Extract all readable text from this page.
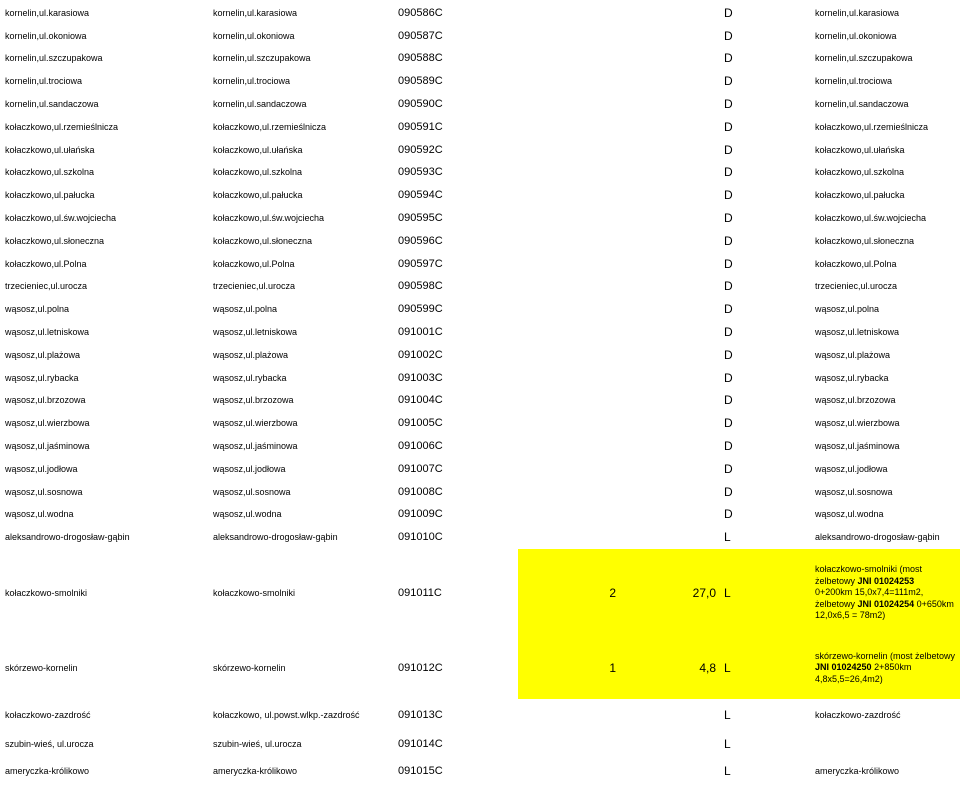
kornelin,ul.karasiowa	kornelin,ul.karasiowa	090586C			D	kornelin,ul.karasiowa
kornelin,ul.okoniowa	kornelin,ul.okoniowa	090587C			D	kornelin,ul.okoniowa
kornelin,ul.szczupakowa	kornelin,ul.szczupakowa	090588C			D	kornelin,ul.szczupakowa
kornelin,ul.trociowa	kornelin,ul.trociowa	090589C			D	kornelin,ul.trociowa
kornelin,ul.sandaczowa	kornelin,ul.sandaczowa	090590C			D	kornelin,ul.sandaczowa
kołaczkowo,ul.rzemieślnicza	kołaczkowo,ul.rzemieślnicza	090591C			D	kołaczkowo,ul.rzemieślnicza
kołaczkowo,ul.ułańska	kołaczkowo,ul.ułańska	090592C			D	kołaczkowo,ul.ułańska
kołaczkowo,ul.szkolna	kołaczkowo,ul.szkolna	090593C			D	kołaczkowo,ul.szkolna
kołaczkowo,ul.pałucka	kołaczkowo,ul.pałucka	090594C			D	kołaczkowo,ul.pałucka
kołaczkowo,ul.św.wojciecha	kołaczkowo,ul.św.wojciecha	090595C			D	kołaczkowo,ul.św.wojciecha
kołaczkowo,ul.słoneczna	kołaczkowo,ul.słoneczna	090596C			D	kołaczkowo,ul.słoneczna
kołaczkowo,ul.Polna	kołaczkowo,ul.Polna	090597C			D	kołaczkowo,ul.Polna
trzecieniec,ul.urocza	trzecieniec,ul.urocza	090598C			D	trzecieniec,ul.urocza
wąsosz,ul.polna	wąsosz,ul.polna	090599C			D	wąsosz,ul.polna
wąsosz,ul.letniskowa	wąsosz,ul.letniskowa	091001C			D	wąsosz,ul.letniskowa
wąsosz,ul.plażowa	wąsosz,ul.plażowa	091002C			D	wąsosz,ul.plażowa
wąsosz,ul.rybacka	wąsosz,ul.rybacka	091003C			D	wąsosz,ul.rybacka
wąsosz,ul.brzozowa	wąsosz,ul.brzozowa	091004C			D	wąsosz,ul.brzozowa
wąsosz,ul.wierzbowa	wąsosz,ul.wierzbowa	091005C			D	wąsosz,ul.wierzbowa
wąsosz,ul.jaśminowa	wąsosz,ul.jaśminowa	091006C			D	wąsosz,ul.jaśminowa
wąsosz,ul.jodłowa	wąsosz,ul.jodłowa	091007C			D	wąsosz,ul.jodłowa
wąsosz,ul.sosnowa	wąsosz,ul.sosnowa	091008C			D	wąsosz,ul.sosnowa
wąsosz,ul.wodna	wąsosz,ul.wodna	091009C			D	wąsosz,ul.wodna
aleksandrowo-drogosław-gąbin	aleksandrowo-drogosław-gąbin	091010C			L	aleksandrowo-drogosław-gąbin
kołaczkowo-smolniki	kołaczkowo-smolniki	091011C	2	27,0	L	kołaczkowo-smolniki (most
żelbetowy JNI 01024253
0+200km 15,0x7,4=111m2,
żelbetowy JNI 01024254 0+650km
12,0x6,5 = 78m2)
skórzewo-kornelin	skórzewo-kornelin	091012C	1	4,8	L	skórzewo-kornelin (most żelbetowy
JNI 01024250 2+850km
4,8x5,5=26,4m2)
kołaczkowo-zazdrość	kołaczkowo, ul.powst.wlkp.-zazdrość	091013C			L	kołaczkowo-zazdrość
szubin-wieś, ul.urocza	szubin-wieś, ul.urocza	091014C			L	
ameryczka-królikowo	ameryczka-królikowo	091015C			L	ameryczka-królikowo
